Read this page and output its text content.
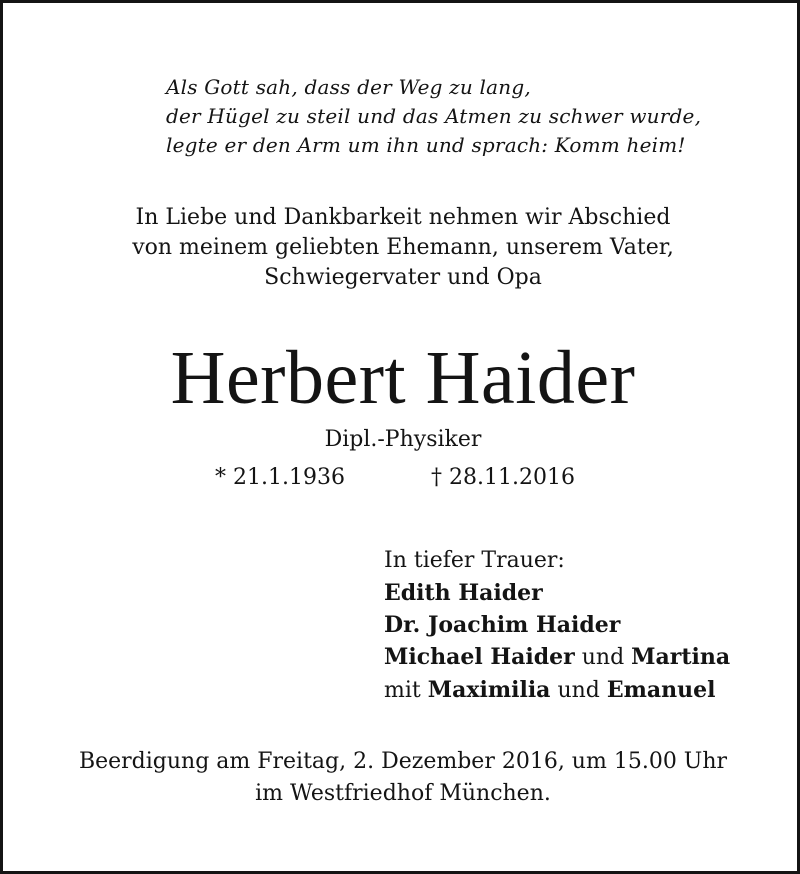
Als Gott sah, dass der Weg zu lang,
der Hügel zu steil und das Atmen zu schwer wurde,
legte er den Arm um ihn und sprach: Komm heim!
In Liebe und Dankbarkeit nehmen wir Abschied
von meinem geliebten Ehemann, unserem Vater,
Schwiegervater und Opa
Herbert Haider
Dipl.-Physiker
* 21.1.1936	† 28.11.2016
In tiefer Trauer:
Edith Haider
Dr. Joachim Haider
Michael Haider und Martina
mit Maximilia und Emanuel
Beerdigung am Freitag, 2. Dezember 2016, um 15.00 Uhr
im Westfriedhof München.
